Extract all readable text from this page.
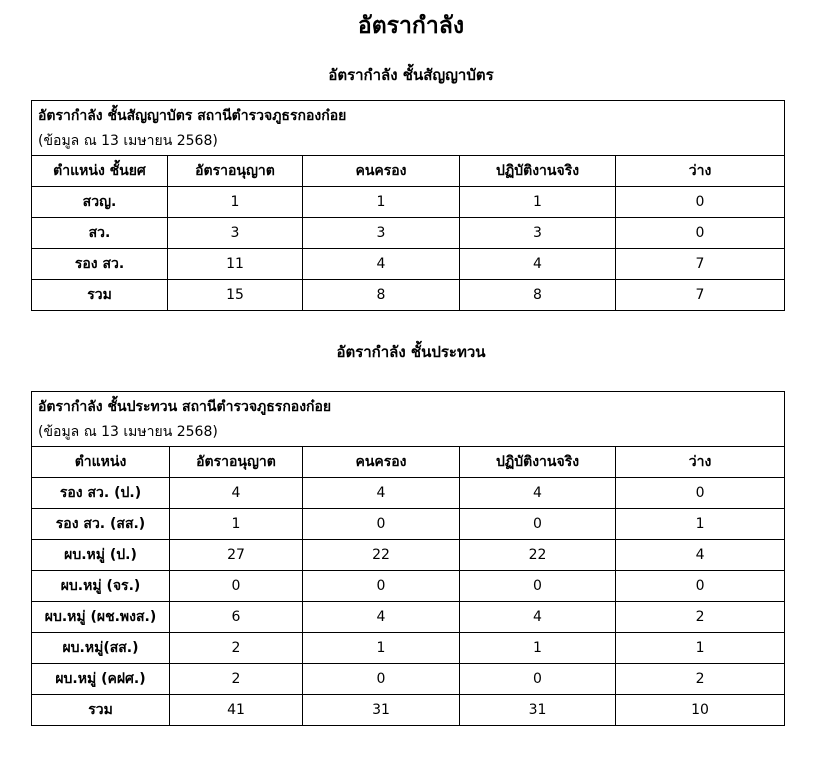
อัตรากำลัง
อัตรากำลัง ชั้นสัญญาบัตร
อัตรากำลัง ชั้นสัญญาบัตร สถานีตำรวจภูธรกองก๋อย
(ข้อมูล ณ 13 เมษายน 2568)				

ตำแหน่ง ชั้นยศ	อัตราอนุญาต	คนครอง	ปฏิบัติงานจริง	ว่าง
สวญ.	1	1	1	0
สว.	3	3	3	0
รอง สว.	11	4	4	7
รวม	15	8	8	7
อัตรากำลัง ชั้นประทวน
อัตรากำลัง ชั้นประทวน สถานีตำรวจภูธรกองก๋อย
(ข้อมูล ณ 13 เมษายน 2568)				

ตำแหน่ง	อัตราอนุญาต	คนครอง	ปฏิบัติงานจริง	ว่าง
รอง สว. (ป.)	4	4	4	0
รอง สว. (สส.)	1	0	0	1
ผบ.หมู่ (ป.)	27	22	22	4
ผบ.หมู่ (จร.)	0	0	0	0
ผบ.หมู่ (ผช.พงส.)	6	4	4	2
ผบ.หมู่(สส.)	2	1	1	1
ผบ.หมู่ (คฝศ.)	2	0	0	2
รวม	41	31	31	10
